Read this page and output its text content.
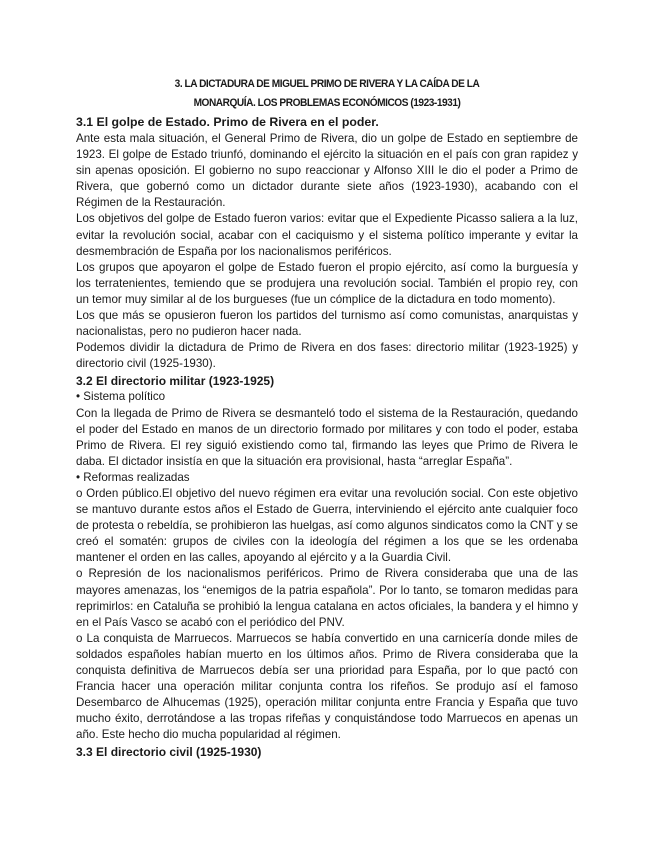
3. LA DICTADURA DE MIGUEL PRIMO DE RIVERA Y LA CAÍDA DE LA
MONARQUÍA. LOS PROBLEMAS ECONÓMICOS (1923-1931)
3.1 El golpe de Estado. Primo de Rivera en el poder.

Ante esta mala situación, el General Primo de Rivera, dio un golpe de Estado en septiembre de 1923. El golpe de Estado triunfó, dominando el ejército la situación en el país con gran rapidez y sin apenas oposición. El gobierno no supo reaccionar y Alfonso XIII le dio el poder a Primo de Rivera, que gobernó como un dictador durante siete años (1923-1930), acabando con el Régimen de la Restauración.

Los objetivos del golpe de Estado fueron varios: evitar que el Expediente Picasso saliera a la luz, evitar la revolución social, acabar con el caciquismo y el sistema político imperante y evitar la desmembración de España por los nacionalismos periféricos.

Los grupos que apoyaron el golpe de Estado fueron el propio ejército, así como la burguesía y los terratenientes, temiendo que se produjera una revolución social. También el propio rey, con un temor muy similar al de los burgueses (fue un cómplice de la dictadura en todo momento).

Los que más se opusieron fueron los partidos del turnismo así como comunistas, anarquistas y nacionalistas, pero no pudieron hacer nada.

Podemos dividir la dictadura de Primo de Rivera en dos fases: directorio militar (1923-1925) y directorio civil (1925-1930).

3.2 El directorio militar (1923-1925)
• Sistema político

Con la llegada de Primo de Rivera se desmanteló todo el sistema de la Restauración, quedando el poder del Estado en manos de un directorio formado por militares y con todo el poder, estaba Primo de Rivera. El rey siguió existiendo como tal, firmando las leyes que Primo de Rivera le daba. El dictador insistía en que la situación era provisional, hasta “arreglar España”.

• Reformas realizadas

o Orden público.El objetivo del nuevo régimen era evitar una revolución social. Con este objetivo se mantuvo durante estos años el Estado de Guerra, interviniendo el ejército ante cualquier foco de protesta o rebeldía, se prohibieron las huelgas, así como algunos sindicatos como la CNT y se creó el somatén: grupos de civiles con la ideología del régimen a los que se les ordenaba mantener el orden en las calles, apoyando al ejército y a la Guardia Civil.

o Represión de los nacionalismos periféricos. Primo de Rivera consideraba que una de las mayores amenazas, los “enemigos de la patria española”. Por lo tanto, se tomaron medidas para reprimirlos: en Cataluña se prohibió la lengua catalana en actos oficiales, la bandera y el himno y en el País Vasco se acabó con el periódico del PNV.

o La conquista de Marruecos. Marruecos se había convertido en una carnicería donde miles de soldados españoles habían muerto en los últimos años. Primo de Rivera consideraba que la conquista definitiva de Marruecos debía ser una prioridad para España, por lo que pactó con Francia hacer una operación militar conjunta contra los rifeños. Se produjo así el famoso Desembarco de Alhucemas (1925), operación militar conjunta entre Francia y España que tuvo mucho éxito, derrotándose a las tropas rifeñas y conquistándose todo Marruecos en apenas un año. Este hecho dio mucha popularidad al régimen.

3.3 El directorio civil (1925-1930)
